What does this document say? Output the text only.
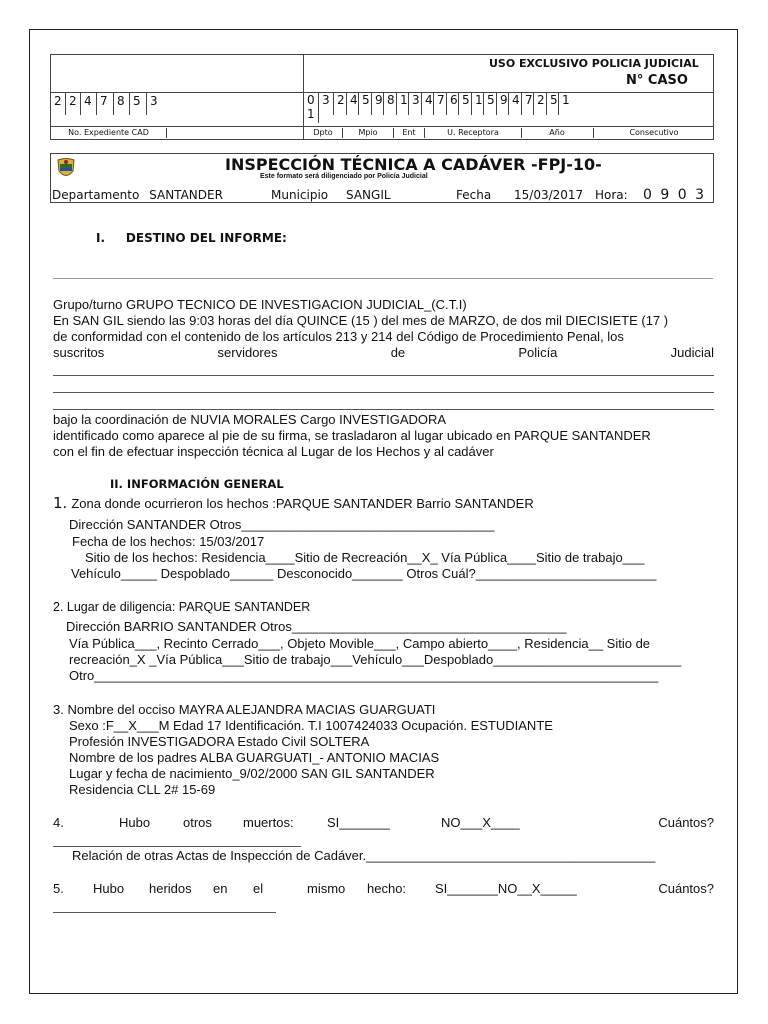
USO EXCLUSIVO POLICIA JUDICIAL
N° CASO
2 2 4 7 8 5 3	0
1
3 2 4 5 9 8 1 3 4 7 6 5 1 5 9 4 7 2 5 1
No. Expediente CAD	Dpto	Mpio	Ent	U. Receptora	Año	Consecutivo
INSPECCIÓN TÉCNICA A CADÁVER -FPJ-10-
Este formato será diligenciado por Policía Judicial
Departamento SANTANDER	Municipio SANGIL	Fecha 15/03/2017 Hora: 0 9 0 3
I.     DESTINO DEL INFORME:
Grupo/turno GRUPO TECNICO DE INVESTIGACION JUDICIAL_(C.T.I)
En SAN GIL siendo las 9:03 horas del día QUINCE (15 ) del mes de MARZO, de dos mil DIECISIETE (17 )
de conformidad con el contenido de los artículos 213 y 214 del Código de Procedimiento Penal, los
suscritos	servidores	de	Policía	Judicial
bajo la coordinación de NUVIA MORALES Cargo INVESTIGADORA
identificado como aparece al pie de su firma, se trasladaron al lugar ubicado en PARQUE SANTANDER
con el fin de efectuar inspección técnica al Lugar de los Hechos y al cadáver
II. INFORMACIÓN GENERAL
1. Zona donde ocurrieron los hechos :PARQUE SANTANDER Barrio SANTANDER
Dirección SANTANDER Otros___________________________________
Fecha de los hechos: 15/03/2017
Sitio de los hechos: Residencia____Sitio de Recreación__X_ Vía Pública____Sitio de trabajo___
Vehículo_____ Despoblado______ Desconocido_______ Otros Cuál?_________________________
2. Lugar de diligencia: PARQUE SANTANDER
Dirección BARRIO SANTANDER Otros______________________________________
Vía Pública___, Recinto Cerrado___, Objeto Movible___, Campo abierto____, Residencia__ Sitio de
recreación_X _Vía Pública___Sitio de trabajo___Vehículo___Despoblado__________________________
Otro______________________________________________________________________________
3. Nombre del occiso MAYRA ALEJANDRA MACIAS GUARGUATI
Sexo :F__X___M Edad 17 Identificación. T.I 1007424033 Ocupación. ESTUDIANTE
Profesión INVESTIGADORA Estado Civil SOLTERA
Nombre de los padres ALBA GUARGUATI_- ANTONIO MACIAS
Lugar y fecha de nacimiento_9/02/2000 SAN GIL SANTANDER
Residencia CLL 2# 15-69
4.	Hubo	otros	muertos:	SI_______	NO___X____	Cuántos?
Relación de otras Actas de Inspección de Cadáver.________________________________________
5.	Hubo	heridos	en	el	mismo	hecho:	SI_______NO__X_____	Cuántos?
